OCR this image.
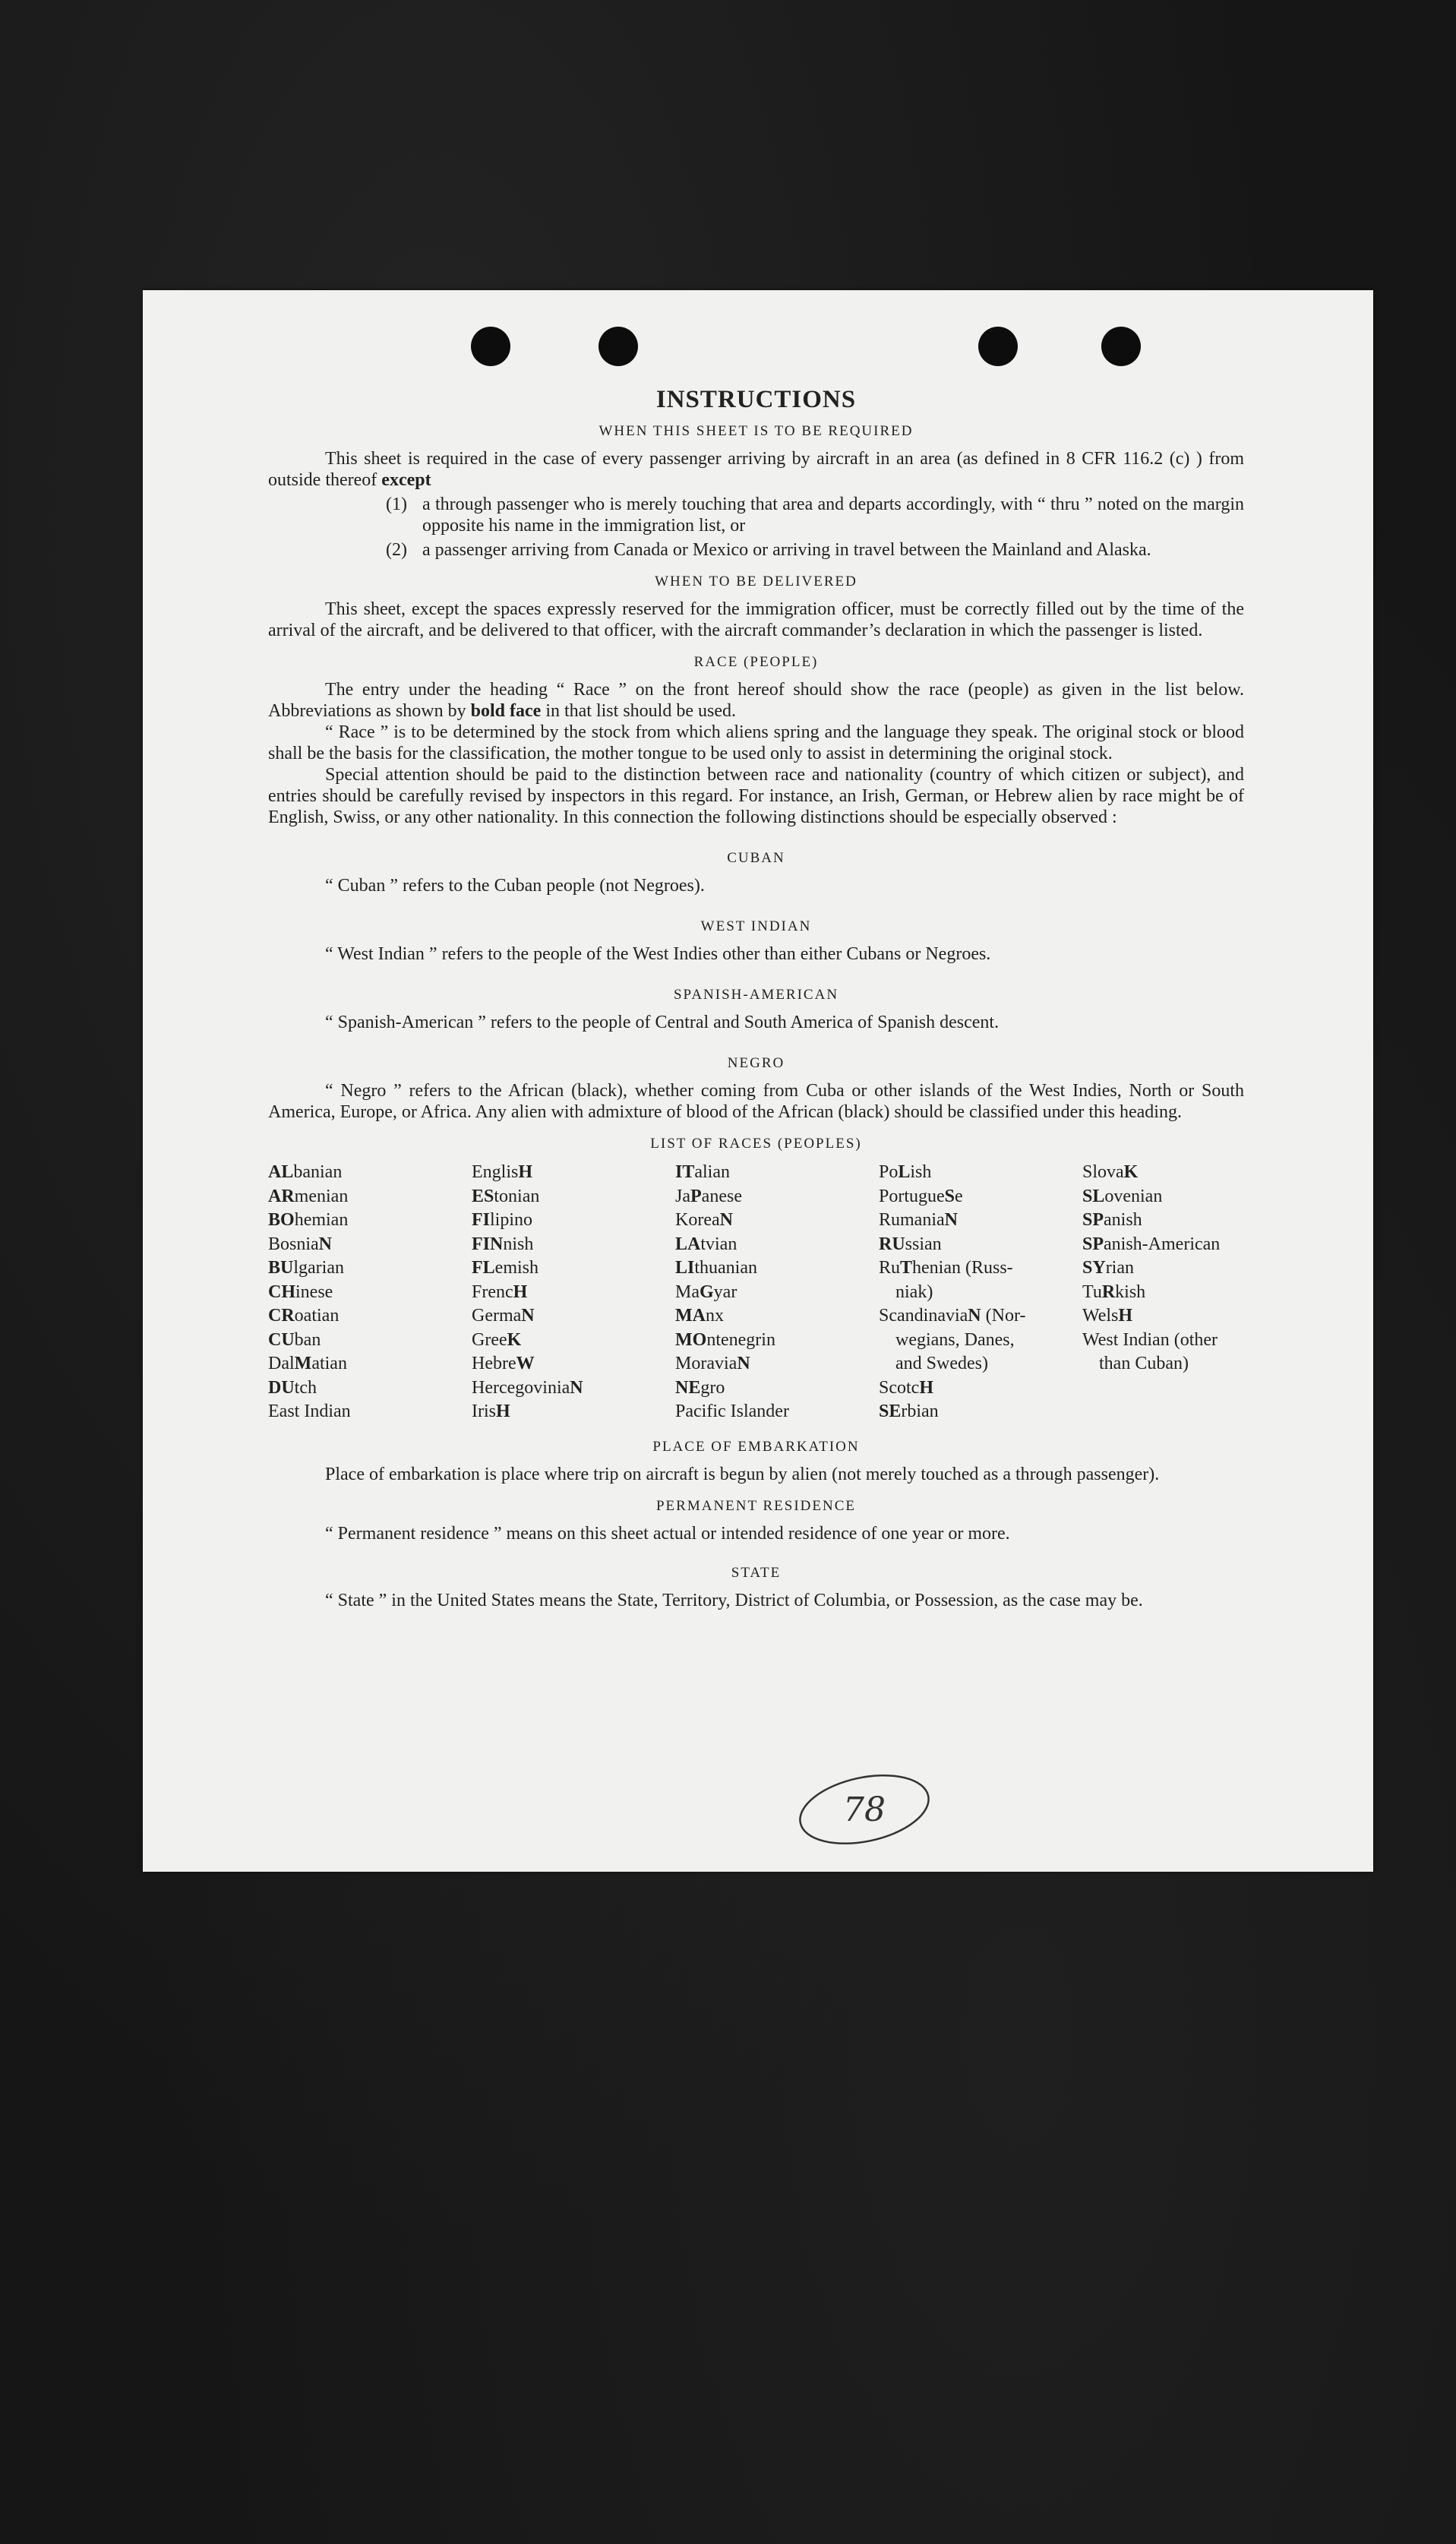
INSTRUCTIONS
WHEN THIS SHEET IS TO BE REQUIRED

This sheet is required in the case of every passenger arriving by aircraft in an area (as defined in 8 CFR 116.2 (c) ) from outside thereof except

(1) a through passenger who is merely touching that area and departs accordingly, with “ thru ” noted on the margin opposite his name in the immigration list, or
(2) a passenger arriving from Canada or Mexico or arriving in travel between the Mainland and Alaska.
WHEN TO BE DELIVERED

This sheet, except the spaces expressly reserved for the immigration officer, must be correctly filled out by the time of the arrival of the aircraft, and be delivered to that officer, with the aircraft commander’s declaration in which the passenger is listed.

RACE (PEOPLE)

The entry under the heading “ Race ” on the front hereof should show the race (people) as given in the list below. Abbreviations as shown by bold face in that list should be used.

“ Race ” is to be determined by the stock from which aliens spring and the language they speak. The original stock or blood shall be the basis for the classification, the mother tongue to be used only to assist in determining the original stock.

Special attention should be paid to the distinction between race and nationality (country of which citizen or subject), and entries should be carefully revised by inspectors in this regard. For instance, an Irish, German, or Hebrew alien by race might be of English, Swiss, or any other nationality. In this connection the following distinctions should be especially observed :

CUBAN

“ Cuban ” refers to the Cuban people (not Negroes).

WEST INDIAN

“ West Indian ” refers to the people of the West Indies other than either Cubans or Negroes.

SPANISH-AMERICAN

“ Spanish-American ” refers to the people of Central and South America of Spanish descent.

NEGRO

“ Negro ” refers to the African (black), whether coming from Cuba or other islands of the West Indies, North or South America, Europe, or Africa. Any alien with admixture of blood of the African (black) should be classified under this heading.

LIST OF RACES (PEOPLES)
ALbanian
ARmenian
BOhemian
BosniaN
BUlgarian
CHinese
CRoatian
CUban
DalMatian
DUtch
East Indian
EnglisH
EStonian
FIlipino
FINnish
FLemish
FrencH
GermaN
GreeK
HebreW
HercegoviniaN
IrisH
ITalian
JaPanese
KoreaN
LAtvian
LIthuanian
MaGyar
MAnx
MOntenegrin
MoraviaN
NEgro
Pacific Islander
PoLish
PortugueSe
RumaniaN
RUssian
RuThenian (Russ-
niak)
ScandinaviaN (Nor-
wegians, Danes,
and Swedes)
ScotcH
SErbian
SlovaK
SLovenian
SPanish
SPanish-American
SYrian
TuRkish
WelsH
West Indian (other
than Cuban)
PLACE OF EMBARKATION

Place of embarkation is place where trip on aircraft is begun by alien (not merely touched as a through passenger).

PERMANENT RESIDENCE

“ Permanent residence ” means on this sheet actual or intended residence of one year or more.

STATE

“ State ” in the United States means the State, Territory, District of Columbia, or Possession, as the case may be.

78
